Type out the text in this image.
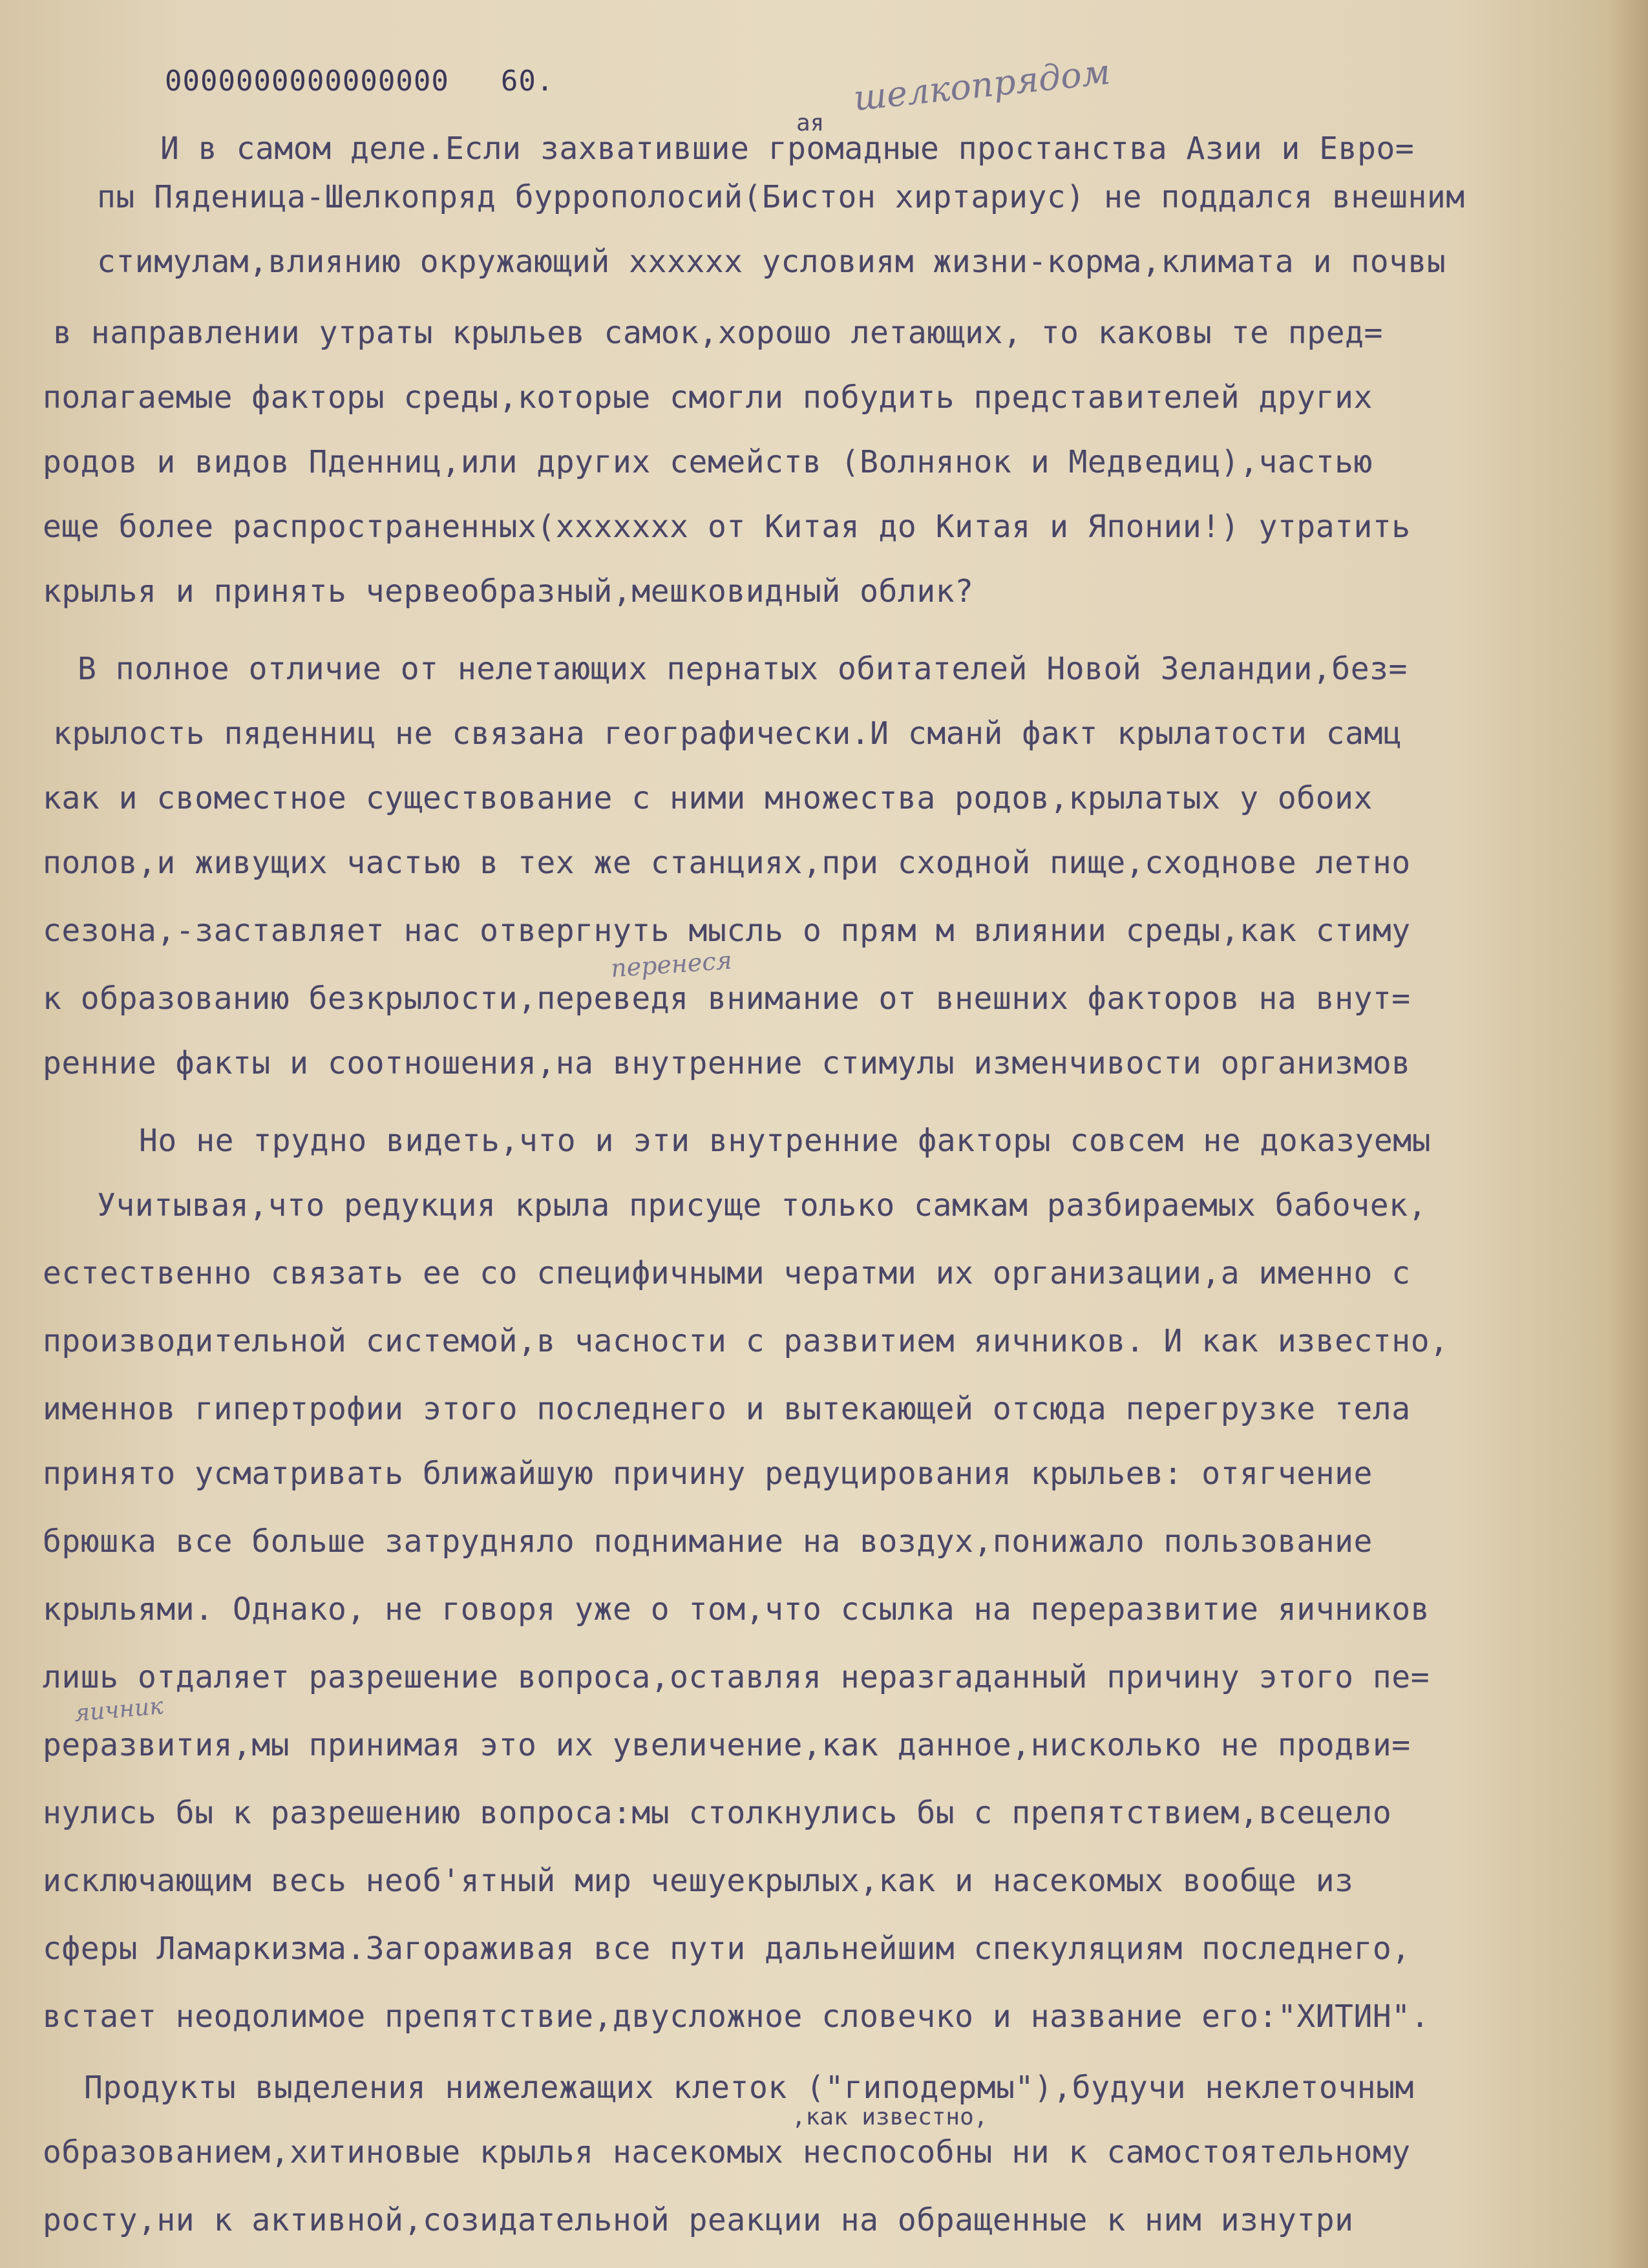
0000000000000000 60.	шелкопрядом
ая
И в самом деле.Если захватившие громадные простанства Азии и Евро=
пы Пяденица-Шелкопряд буррополосий(Бистон хиртариус) не поддался внешним
стимулам,влиянию окружающий хххххх условиям жизни-корма,климата и почвы
в направлении утраты крыльев самок,хорошо летающих, то каковы те пред=
полагаемые факторы среды,которые смогли побудить представителей других
родов и видов Пденниц,или других семейств (Волнянок и Медведиц),частью
еще более распространенных(ххххххх от Китая до Китая и Японии!) утратить
крылья и принять червеобразный,мешковидный облик?
В полное отличие от нелетающих пернатых обитателей Новой Зеландии,без=
крылость пяденниц не связана географически.И сманй факт крылатости самц
как и своместное существование с ними множества родов,крылатых у обоих
полов,и живущих частью в тех же станциях,при сходной пище,сходнове летно
сезона,-заставляет нас отвергнуть мысль о прям м влиянии среды,как стиму
перенеся
к образованию безкрылости,переведя внимание от внешних факторов на внут=
ренние факты и соотношения,на внутренние стимулы изменчивости организмов
Но не трудно видеть,что и эти внутренние факторы совсем не доказуемы
Учитывая,что редукция крыла присуще только самкам разбираемых бабочек,
естественно связать ее со специфичными чератми их организации,а именно с
производительной системой,в часности с развитием яичников. И как известно,
именнов гипертрофии этого последнего и вытекающей отсюда перегрузке тела
принято усматривать ближайшую причину редуцирования крыльев: отягчение
брюшка все больше затрудняло поднимание на воздух,понижало пользование
крыльями. Однако, не говоря уже о том,что ссылка на переразвитие яичников
лишь отдаляет разрешение вопроса,оставляя неразгаданный причину этого пе=
яичник
реразвития,мы принимая это их увеличение,как данное,нисколько не продви=
нулись бы к разрешению вопроса:мы столкнулись бы с препятствием,всецело
исключающим весь необ'ятный мир чешуекрылых,как и насекомых вообще из
сферы Ламаркизма.Загораживая все пути дальнейшим спекуляциям последнего,
встает неодолимое препятствие,двусложное словечко и название его:"ХИТИН".
Продукты выделения нижележащих клеток ("гиподермы"),будучи неклеточным
,как известно,
образованием,хитиновые крылья насекомых неспособны ни к самостоятельному
росту,ни к активной,созидательной реакции на обращенные к ним изнутри
